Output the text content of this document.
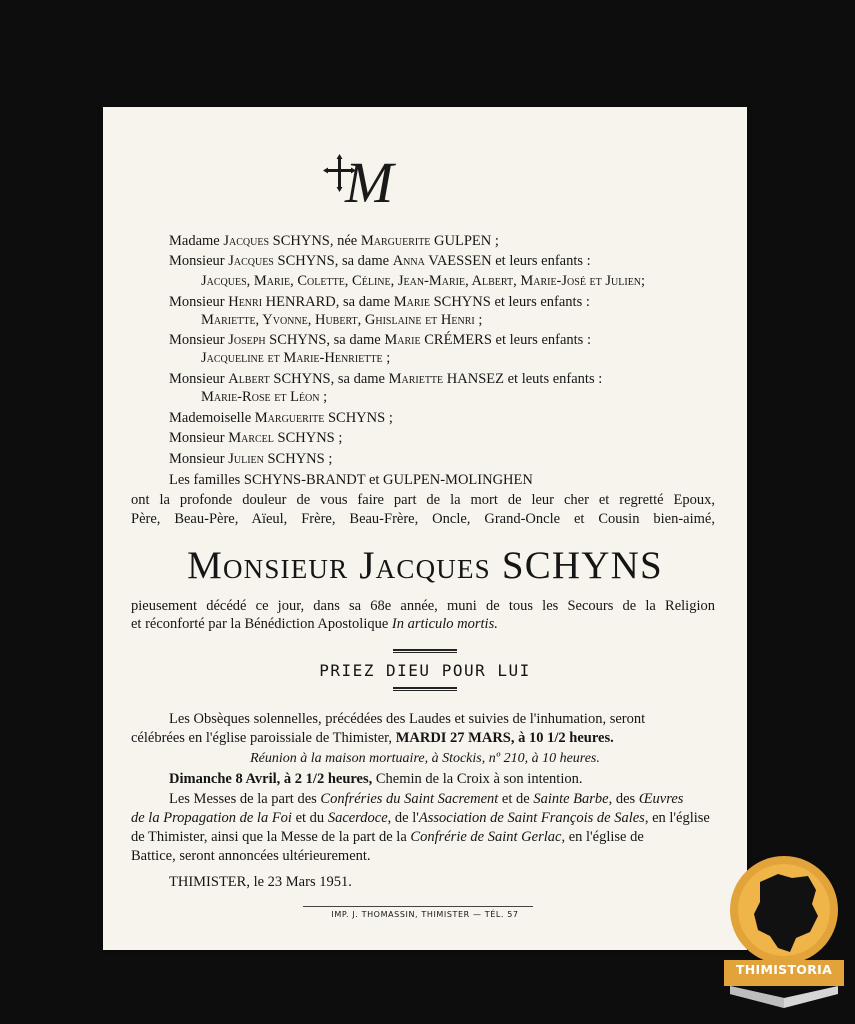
M
Madame Jacques SCHYNS, née Marguerite GULPEN ;
Monsieur Jacques SCHYNS, sa dame Anna VAESSEN et leurs enfants :
Jacques, Marie, Colette, Céline, Jean-Marie, Albert, Marie-José et Julien;
Monsieur Henri HENRARD, sa dame Marie SCHYNS et leurs enfants :
Mariette, Yvonne, Hubert, Ghislaine et Henri ;
Monsieur Joseph SCHYNS, sa dame Marie CRÉMERS et leurs enfants :
Jacqueline et Marie-Henriette ;
Monsieur Albert SCHYNS, sa dame Mariette HANSEZ et leuts enfants :
Marie-Rose et Léon ;
Mademoiselle Marguerite SCHYNS ;
Monsieur Marcel SCHYNS ;
Monsieur Julien SCHYNS ;
Les familles SCHYNS-BRANDT et GULPEN-MOLINGHEN
ont la profonde douleur de vous faire part de la mort de leur cher et regretté Epoux,
Père, Beau-Père, Aïeul, Frère, Beau-Frère, Oncle, Grand-Oncle et Cousin bien-aimé,
Monsieur Jacques SCHYNS
pieusement décédé ce jour, dans sa 68e année, muni de tous les Secours de la Religion
et réconforté par la Bénédiction Apostolique In articulo mortis.
PRIEZ DIEU POUR LUI
Les Obsèques solennelles, précédées des Laudes et suivies de l'inhumation, seront
célébrées en l'église paroissiale de Thimister, MARDI 27 MARS, à 10 1/2 heures.
Réunion à la maison mortuaire, à Stockis, nº 210, à 10 heures.
Dimanche 8 Avril, à 2 1/2 heures, Chemin de la Croix à son intention.
Les Messes de la part des Confréries du Saint Sacrement et de Sainte Barbe, des Œuvres
de la Propagation de la Foi et du Sacerdoce, de l'Association de Saint François de Sales, en l'église
de Thimister, ainsi que la Messe de la part de la Confrérie de Saint Gerlac, en l'église de
Battice, seront annoncées ultérieurement.
THIMISTER, le 23 Mars 1951.
IMP. J. THOMASSIN, THIMISTER — TÉL. 57
THIMISTORIA
